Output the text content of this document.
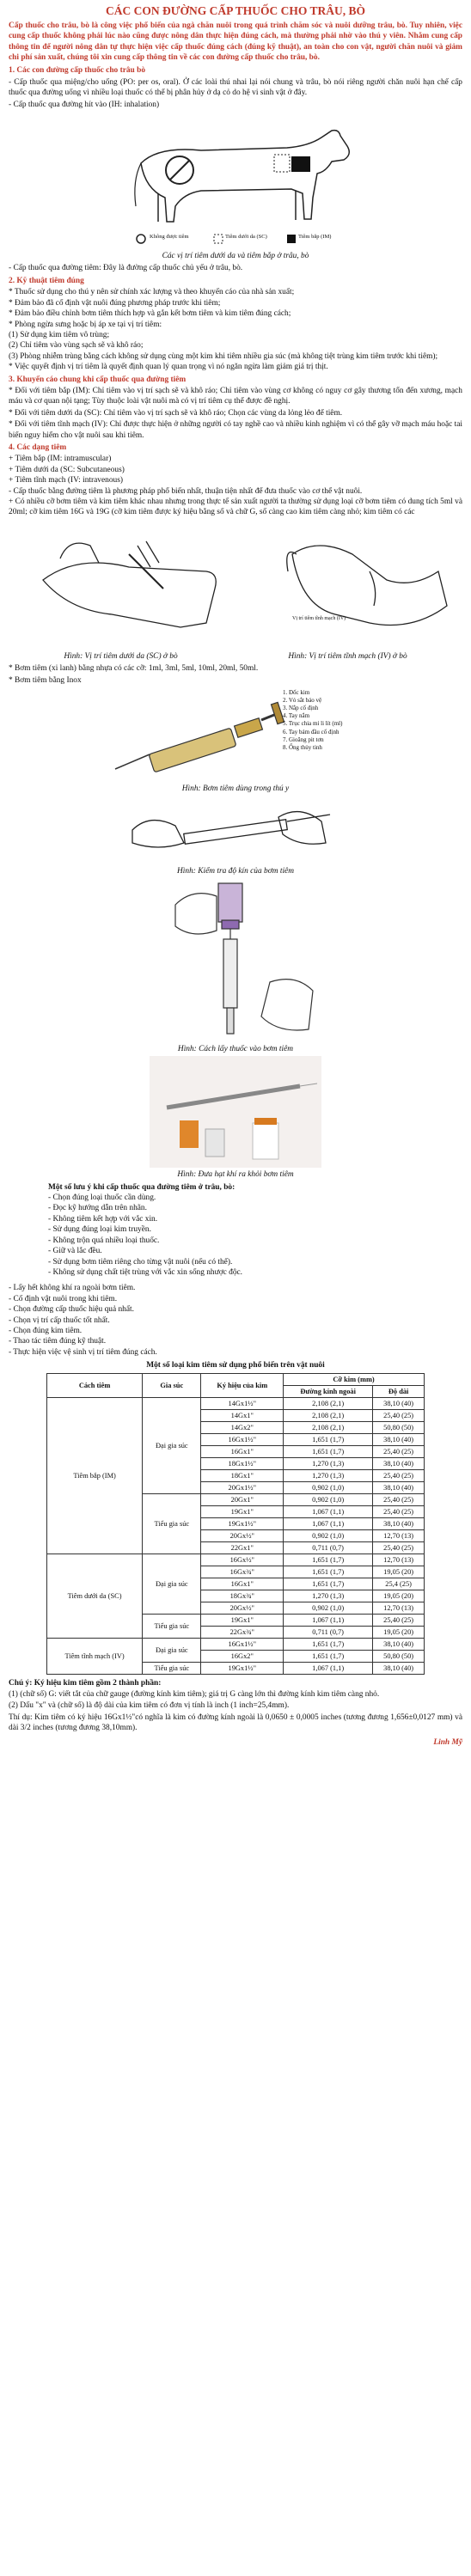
CÁC CON ĐƯỜNG CẤP THUỐC CHO TRÂU, BÒ

Cấp thuốc cho trâu, bò là công việc phổ biến của ngà chăn nuôi trong quá trình chăm sóc và nuôi dưỡng trâu, bò. Tuy nhiên, việc cung cấp thuốc không phải lúc nào cũng được nông dân thực hiện đúng cách, mà thường phải nhờ vào thú y viên. Nhằm cung cấp thông tin để người nông dân tự thực hiện việc cấp thuốc đúng cách (đúng kỹ thuật), an toàn cho con vật, người chăn nuôi và giảm chi phí sản xuất, chúng tôi xin cung cấp thông tin về các con đường cấp thuốc cho trâu, bò.

1. Các con đường cấp thuốc cho trâu bò

- Cấp thuốc qua miệng/cho uống (PO: per os, oral). Ở các loài thú nhai lại nói chung và trâu, bò nói riêng người chăn nuôi hạn chế cấp thuốc qua đường uống vì nhiều loại thuốc có thể bị phân hủy ở dạ cỏ do hệ vi sinh vật ở đây.

- Cấp thuốc qua đường hít vào (IH: inhalation)

Không được tiêm	Tiêm dưới da (SC)	Tiêm bắp (IM)
Các vị trí tiêm dưới da và tiêm bắp ở trâu, bò

- Cấp thuốc qua đường tiêm: Đây là đường cấp thuốc chủ yếu ở trâu, bò.

2. Kỹ thuật tiêm đúng

* Thuốc sử dụng cho thú y nên sử chính xác lượng và theo khuyến cáo của nhà sản xuất;

* Đảm bảo đã cố định vật nuôi đúng phương pháp trước khi tiêm;

* Đảm bảo điều chỉnh bơm tiêm thích hợp và gắn kết bơm tiêm và kim tiêm đúng cách;

* Phòng ngừa sưng hoặc bị áp xe tại vị trí tiêm:

(1) Sử dụng kim tiêm vô trùng;

(2) Chỉ tiêm vào vùng sạch sẽ và khô ráo;

(3) Phòng nhiễm trùng bằng cách không sử dụng cùng một kim khi tiêm nhiều gia súc (mà không tiệt trùng kim tiêm trước khi tiêm);

* Việc quyết định vị trí tiêm là quyết định quan lý quan trọng vì nó ngăn ngừa làm giảm giá trị thịt.

3. Khuyến cáo chung khi cấp thuốc qua đường tiêm

* Đối với tiêm bắp (IM): Chỉ tiêm vào vị trí sạch sẽ và khô ráo; Chỉ tiêm vào vùng cơ không có nguy cơ gây thương tổn đến xương, mạch máu và cơ quan nội tạng; Tùy thuộc loài vật nuôi mà có vị trí tiêm cụ thể được đề nghị.

* Đối với tiêm dưới da (SC): Chỉ tiêm vào vị trí sạch sẽ và khô ráo; Chọn các vùng da lỏng lẻo để tiêm.

* Đối với tiêm tĩnh mạch (IV): Chỉ được thực hiện ở những người có tay nghề cao và nhiều kinh nghiệm vì có thể gây vỡ mạch máu hoặc tai biến nguy hiểm cho vật nuôi sau khi tiêm.

4. Các dạng tiêm

+ Tiêm bắp (IM: intramuscular)

+ Tiêm dưới da (SC: Subcutaneous)

+ Tiêm tĩnh mạch (IV: intravenous)

- Cấp thuốc bằng đường tiêm là phương pháp phổ biến nhất, thuận tiện nhất để đưa thuốc vào cơ thể vật nuôi.

+ Có nhiều cỡ bơm tiêm và kim tiêm khác nhau nhưng trong thực tế sản xuất người ta thường sử dụng loại cỡ bơm tiêm có dung tích 5ml và 20ml; cỡ kim tiêm 16G và 19G (cỡ kim tiêm được ký hiệu bằng số và chữ G, số càng cao kim tiêm càng nhỏ; kim tiêm có các

Vị trí tiêm tĩnh mạch (IV)
Hình: Vị trí tiêm dưới da (SC) ở bò	Hình: Vị trí tiêm tĩnh mạch (IV) ở bò

* Bơm tiêm (xi lanh) bằng nhựa có các cỡ: 1ml, 3ml, 5ml, 10ml, 20ml, 50ml.

* Bơm tiêm bằng Inox

1. Đốc kim
2. Vỏ sắt bảo vệ
3. Nắp cố định
4. Tay nắm
5. Trục chia mi li lít (ml)
6. Tay bám đầu cố định
7. Gioăng pit tơn
8. Ống thủy tinh
Hình: Bơm tiêm dùng trong thú y
Hình: Kiểm tra độ kín của bơm tiêm
Hình: Cách lấy thuốc vào bơm tiêm
Hình: Đưa hạt khí ra khỏi bơm tiêm
Một số lưu ý khi cấp thuốc qua đường tiêm ở trâu, bò:

- Chọn đúng loại thuốc cần dùng.

- Đọc kỹ hướng dẫn trên nhãn.

- Không tiêm kết hợp với vắc xin.

- Sử dụng đúng loại kim truyền.

- Không trộn quá nhiều loại thuốc.

- Giữ và lắc đều.

- Sử dụng bơm tiêm riêng cho từng vật nuôi (nếu có thể).

- Không sử dụng chất tiệt trùng với vắc xin sống nhược độc.

- Lấy hết không khí ra ngoài bơm tiêm.

- Cố định vật nuôi trong khi tiêm.

- Chọn đường cấp thuốc hiệu quả nhất.

- Chọn vị trí cấp thuốc tốt nhất.

- Chọn đúng kim tiêm.

- Thao tác tiêm đúng kỹ thuật.

- Thực hiện việc vệ sinh vị trí tiêm đúng cách.

Một số loại kim tiêm sử dụng phổ biến trên vật nuôi
Cách tiêm	Gia súc	Ký hiệu của kim	Cỡ kim (mm)	
			Đường kính ngoài	Độ dài
Tiêm bắp (IM)	Đại gia súc	14Gx1½"	2,108 (2,1)	38,10 (40)
		14Gx1"	2,108 (2,1)	25,40 (25)
		14Gx2"	2,108 (2,1)	50,80 (50)
		16Gx1½"	1,651 (1,7)	38,10 (40)
		16Gx1"	1,651 (1,7)	25,40 (25)
		18Gx1½"	1,270 (1,3)	38,10 (40)
		18Gx1"	1,270 (1,3)	25,40 (25)
		20Gx1½"	0,902 (1,0)	38,10 (40)
	Tiểu gia súc	20Gx1"	0,902 (1,0)	25,40 (25)
		19Gx1"	1,067 (1,1)	25,40 (25)
		19Gx1½"	1,067 (1,1)	38,10 (40)
		20Gx½"	0,902 (1,0)	12,70 (13)
		22Gx1"	0,711 (0,7)	25,40 (25)
Tiêm dưới da (SC)	Đại gia súc	16Gx½"	1,651 (1,7)	12,70 (13)
		16Gx¾"	1,651 (1,7)	19,05 (20)
		16Gx1"	1,651 (1,7)	25,4 (25)
		18Gx¾"	1,270 (1,3)	19,05 (20)
		20Gx½"	0,902 (1,0)	12,70 (13)
	Tiểu gia súc	19Gx1"	1,067 (1,1)	25,40 (25)
		22Gx¾"	0,711 (0,7)	19,05 (20)
Tiêm tĩnh mạch (IV)	Đại gia súc	16Gx1½"	1,651 (1,7)	38,10 (40)
		16Gx2"	1,651 (1,7)	50,80 (50)
	Tiểu gia súc	19Gx1½"	1,067 (1,1)	38,10 (40)

Chú ý: Ký hiệu kim tiêm gồm 2 thành phần:

(1) (chữ số) G: viết tắt của chữ gauge (đường kính kim tiêm); giá trị G càng lớn thì đường kính kim tiêm càng nhỏ.

(2) Dấu "x" và (chữ số) là độ dài của kim tiêm có đơn vị tính là inch (1 inch=25,4mm).

Thí dụ: Kim tiêm có ký hiệu 16Gx1½"có nghĩa là kim có đường kính ngoài là 0,0650 ± 0,0005 inches (tương đương 1,656±0,0127 mm) và dài 3/2 inches (tương đương 38,10mm).

Linh Mỹ
